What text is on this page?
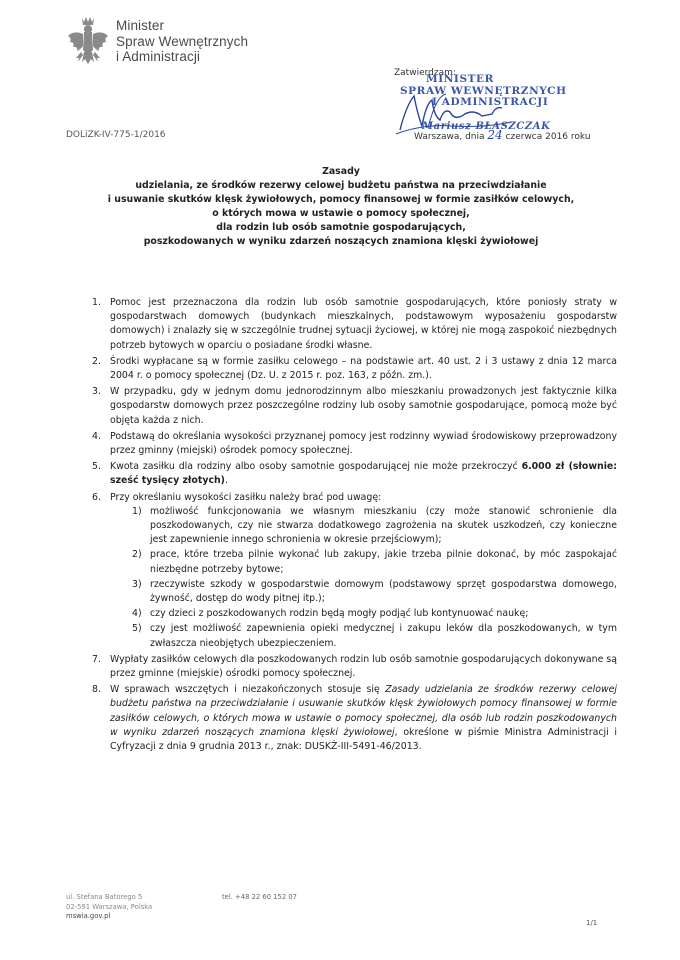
Minister
Spraw Wewnętrznych
i Administracji
Zatwierdzam:
MINISTER
SPRAW WEWNĘTRZNYCH
I ADMINISTRACJI
Mariusz BŁASZCZAK
DOLiZK-IV-775-1/2016	Warszawa, dnia 24 czerwca 2016 roku
Zasady
udzielania, ze środków rezerwy celowej budżetu państwa na przeciwdziałanie
i usuwanie skutków klęsk żywiołowych, pomocy finansowej w formie zasiłków celowych,
o których mowa w ustawie o pomocy społecznej,
dla rodzin lub osób samotnie gospodarujących,
poszkodowanych w wyniku zdarzeń noszących znamiona klęski żywiołowej
1. Pomoc jest przeznaczona dla rodzin lub osób samotnie gospodarujących, które poniosły straty w gospodarstwach domowych (budynkach mieszkalnych, podstawowym wyposażeniu gospodarstw domowych) i znalazły się w szczególnie trudnej sytuacji życiowej, w której nie mogą zaspokoić niezbędnych potrzeb bytowych w oparciu o posiadane środki własne.
2. Środki wypłacane są w formie zasiłku celowego – na podstawie art. 40 ust. 2 i 3 ustawy z dnia 12 marca 2004 r. o pomocy społecznej (Dz. U. z 2015 r. poz. 163, z późn. zm.).
3. W przypadku, gdy w jednym domu jednorodzinnym albo mieszkaniu prowadzonych jest faktycznie kilka gospodarstw domowych przez poszczególne rodziny lub osoby samotnie gospodarujące, pomocą może być objęta każda z nich.
4. Podstawą do określania wysokości przyznanej pomocy jest rodzinny wywiad środowiskowy przeprowadzony przez gminny (miejski) ośrodek pomocy społecznej.
5. Kwota zasiłku dla rodziny albo osoby samotnie gospodarującej nie może przekroczyć 6.000 zł (słownie: sześć tysięcy złotych).
6. Przy określaniu wysokości zasiłku należy brać pod uwagę:
1) możliwość funkcjonowania we własnym mieszkaniu (czy może stanowić schronienie dla poszkodowanych, czy nie stwarza dodatkowego zagrożenia na skutek uszkodzeń, czy konieczne jest zapewnienie innego schronienia w okresie przejściowym);
2) prace, które trzeba pilnie wykonać lub zakupy, jakie trzeba pilnie dokonać, by móc zaspokajać niezbędne potrzeby bytowe;
3) rzeczywiste szkody w gospodarstwie domowym (podstawowy sprzęt gospodarstwa domowego, żywność, dostęp do wody pitnej itp.);
4) czy dzieci z poszkodowanych rodzin będą mogły podjąć lub kontynuować naukę;
5) czy jest możliwość zapewnienia opieki medycznej i zakupu leków dla poszkodowanych, w tym zwłaszcza nieobjętych ubezpieczeniem.
7. Wypłaty zasiłków celowych dla poszkodowanych rodzin lub osób samotnie gospodarujących dokonywane są przez gminne (miejskie) ośrodki pomocy społecznej.
8. W sprawach wszczętych i niezakończonych stosuje się Zasady udzielania ze środków rezerwy celowej budżetu państwa na przeciwdziałanie i usuwanie skutków klęsk żywiołowych pomocy finansowej w formie zasiłków celowych, o których mowa w ustawie o pomocy społecznej, dla osób lub rodzin poszkodowanych w wyniku zdarzeń noszących znamiona klęski żywiołowej, określone w piśmie Ministra Administracji i Cyfryzacji z dnia 9 grudnia 2013 r., znak: DUSKŻ-III-5491-46/2013.
ul. Stefana Batorego 5
02-591 Warszawa, Polska
mswia.gov.pl
tel. +48 22 60 152 07
1/1
